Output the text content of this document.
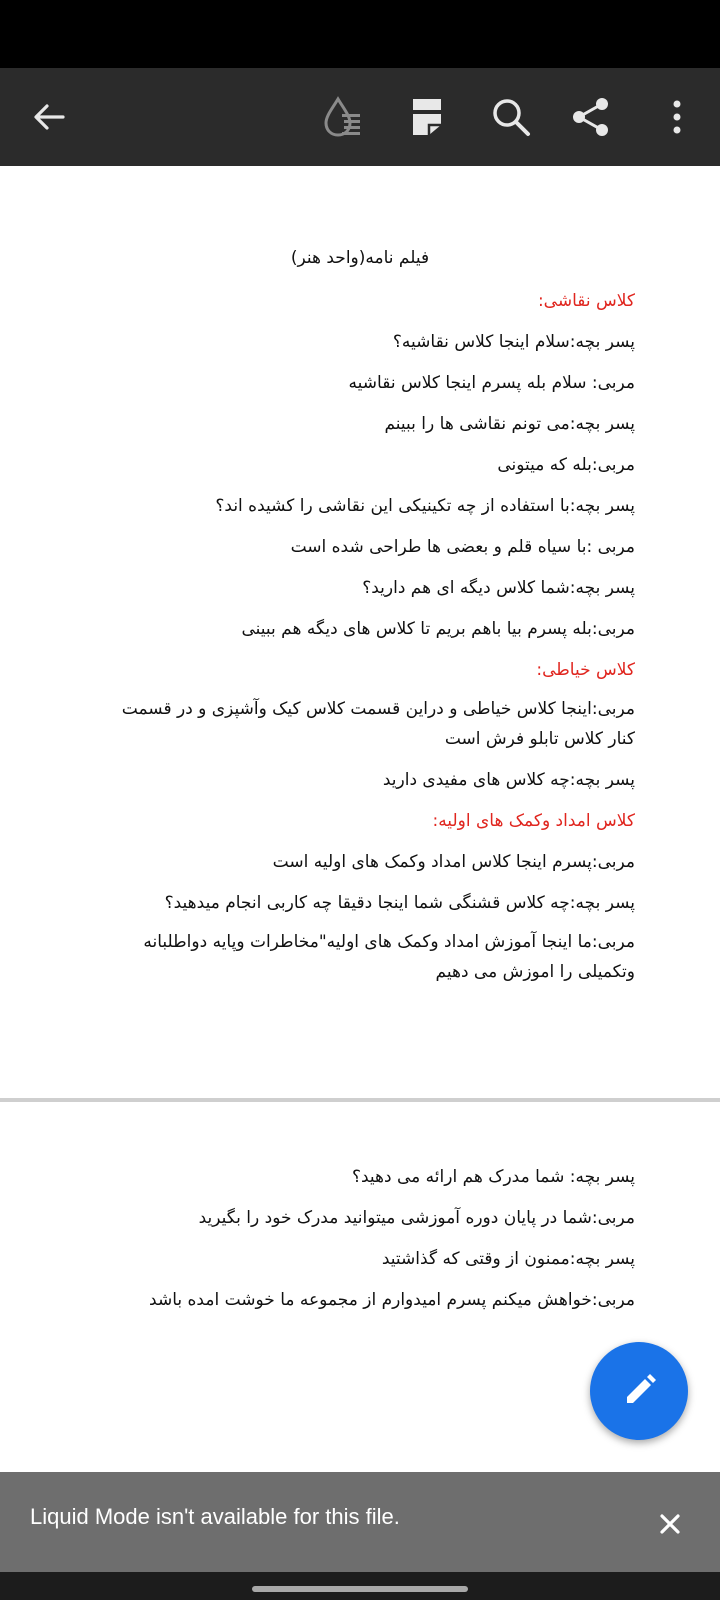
فیلم نامه(واحد هنر)
کلاس نقاشی:
پسر بچه:سلام اینجا کلاس نقاشیه؟
مربی: سلام بله پسرم اینجا کلاس نقاشیه
پسر بچه:می تونم نقاشی ها را ببینم
مربی:بله که میتونی
پسر بچه:با استفاده از چه تکینیکی این نقاشی را کشیده اند؟
مربی :با سیاه قلم و بعضی ها طراحی شده است
پسر بچه:شما کلاس دیگه ای هم دارید؟
مربی:بله پسرم بیا باهم بریم تا کلاس های دیگه هم ببینی
کلاس خیاطی:
مربی:اینجا کلاس خیاطی و دراین قسمت کلاس کیک وآشپزی و در قسمت کنار کلاس تابلو فرش است
پسر بچه:چه کلاس های مفیدی دارید
کلاس امداد وکمک های اولیه:
مربی:پسرم اینجا کلاس امداد وکمک های اولیه است
پسر بچه:چه کلاس قشنگی شما اینجا دقیقا چه کاربی انجام میدهید؟
مربی:ما اینجا آموزش امداد وکمک های اولیه"مخاطرات وپایه دواطلبانه وتکمیلی را اموزش می دهیم
پسر بچه: شما مدرک هم ارائه می دهید؟
مربی:شما در پایان دوره آموزشی میتوانید مدرک خود را بگیرید
پسر بچه:ممنون از وقتی که گذاشتید
مربی:خواهش میکنم پسرم امیدوارم از مجموعه ما خوشت امده باشد
Liquid Mode isn't available for this file.
